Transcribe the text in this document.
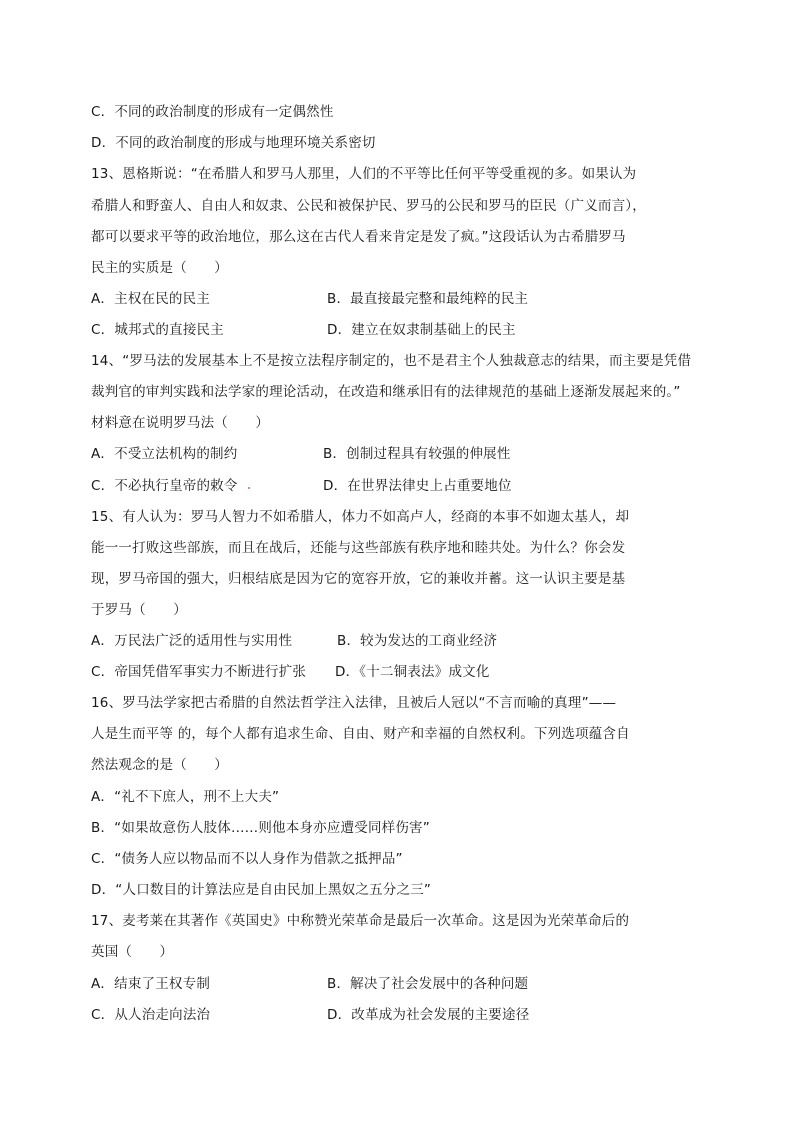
C．不同的政治制度的形成有一定偶然性
D．不同的政治制度的形成与地理环境关系密切
13、恩格斯说：“在希腊人和罗马人那里，人们的不平等比任何平等受重视的多。如果认为
希腊人和野蛮人、自由人和奴隶、公民和被保护民、罗马的公民和罗马的臣民（广义而言），
都可以要求平等的政治地位，那么这在古代人看来肯定是发了疯。”这段话认为古希腊罗马
民主的实质是（　　）
A．主权在民的民主	B．最直接最完整和最纯粹的民主
C．城邦式的直接民主	D．建立在奴隶制基础上的民主
14、“罗马法的发展基本上不是按立法程序制定的，也不是君主个人独裁意志的结果，而主要是凭借
裁判官的审判实践和法学家的理论活动，在改造和继承旧有的法律规范的基础上逐渐发展起来的。”
材料意在说明罗马法（　　）
A．不受立法机构的制约	B．创制过程具有较强的伸展性
C．不必执行皇帝的敕令	D．在世界法律史上占重要地位
15、有人认为：罗马人智力不如希腊人，体力不如高卢人，经商的本事不如迦太基人，却
能一一打败这些部族，而且在战后，还能与这些部族有秩序地和睦共处。为什么？你会发
现，罗马帝国的强大，归根结底是因为它的宽容开放，它的兼收并蓄。这一认识主要是基
于罗马（　　）
A．万民法广泛的适用性与实用性	B．较为发达的工商业经济
C．帝国凭借军事实力不断进行扩张 D．《十二铜表法》成文化
16、罗马法学家把古希腊的自然法哲学注入法律，且被后人冠以“不言而喻的真理”——
人是生而平等 的，每个人都有追求生命、自由、财产和幸福的自然权利。下列选项蕴含自
然法观念的是（　　）
A．“礼不下庶人，刑不上大夫”
B．“如果故意伤人肢体……则他本身亦应遭受同样伤害”
C．“债务人应以物品而不以人身作为借款之抵押品”
D．“人口数目的计算法应是自由民加上黑奴之五分之三”
17、麦考莱在其著作《英国史》中称赞光荣革命是最后一次革命。这是因为光荣革命后的
英国（　　）
A．结束了王权专制	B．解决了社会发展中的各种问题
C．从人治走向法治	D．改革成为社会发展的主要途径
